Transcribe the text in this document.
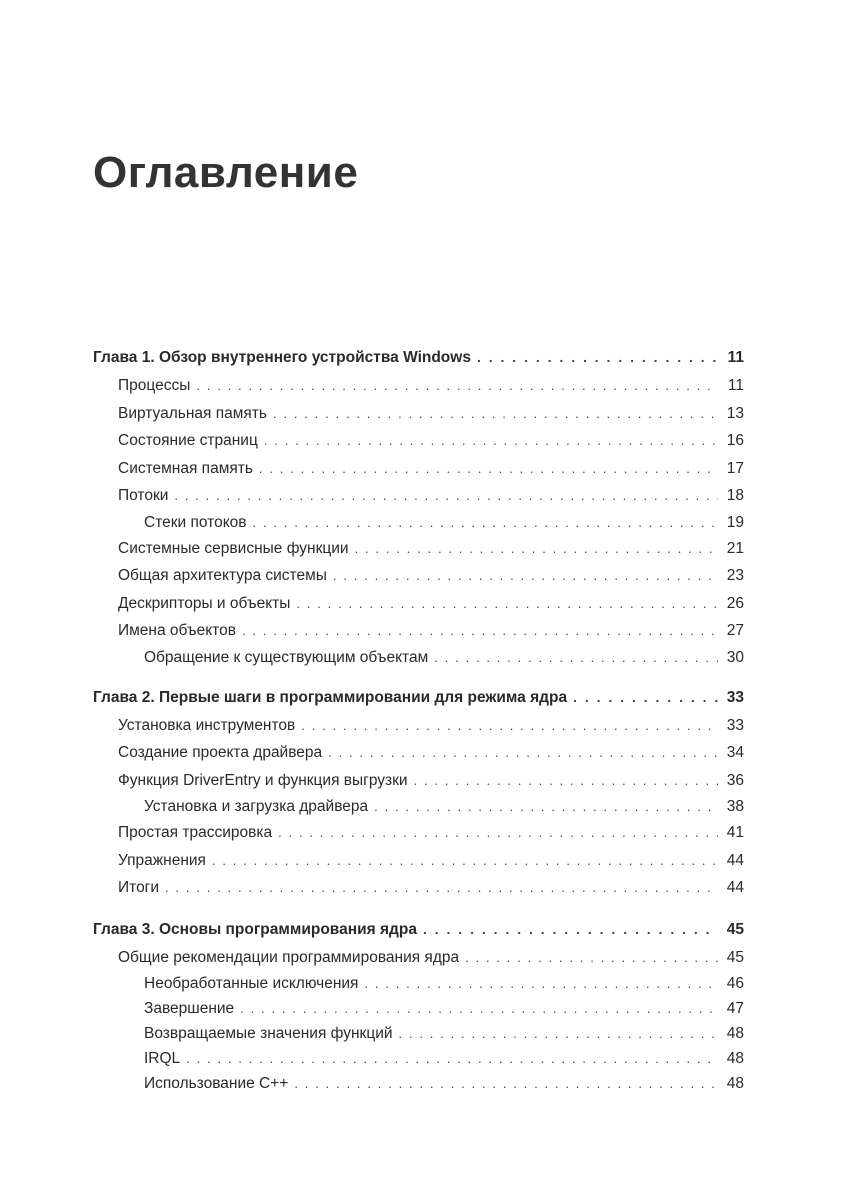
Оглавление
Глава 1. Обзор внутреннего устройства Windows . . .	11
Процессы . . .	11
Виртуальная память . . .	13
Состояние страниц . . .	16
Системная память . . .	17
Потоки . . .	18
Стеки потоков . . .	19
Системные сервисные функции . . .	21
Общая архитектура системы . . .	23
Дескрипторы и объекты . . .	26
Имена объектов . . .	27
Обращение к существующим объектам . . .	30
Глава 2. Первые шаги в программировании для режима ядра . . .	33
Установка инструментов . . .	33
Создание проекта драйвера . . .	34
Функция DriverEntry и функция выгрузки . . .	36
Установка и загрузка драйвера . . .	38
Простая трассировка . . .	41
Упражнения . . .	44
Итоги . . .	44
Глава 3. Основы программирования ядра . . .	45
Общие рекомендации программирования ядра . . .	45
Необработанные исключения . . .	46
Завершение . . .	47
Возвращаемые значения функций . . .	48
IRQL . . .	48
Использование C++ . . .	48
